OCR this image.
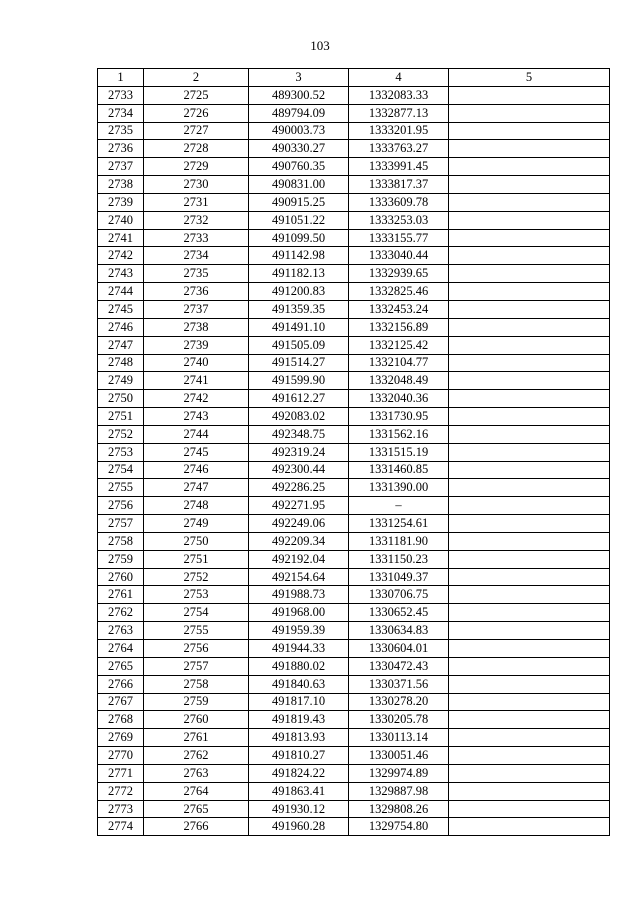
103
1	2	3	4	5
2733	2725	489300.52	1332083.33	
2734	2726	489794.09	1332877.13	
2735	2727	490003.73	1333201.95	
2736	2728	490330.27	1333763.27	
2737	2729	490760.35	1333991.45	
2738	2730	490831.00	1333817.37	
2739	2731	490915.25	1333609.78	
2740	2732	491051.22	1333253.03	
2741	2733	491099.50	1333155.77	
2742	2734	491142.98	1333040.44	
2743	2735	491182.13	1332939.65	
2744	2736	491200.83	1332825.46	
2745	2737	491359.35	1332453.24	
2746	2738	491491.10	1332156.89	
2747	2739	491505.09	1332125.42	
2748	2740	491514.27	1332104.77	
2749	2741	491599.90	1332048.49	
2750	2742	491612.27	1332040.36	
2751	2743	492083.02	1331730.95	
2752	2744	492348.75	1331562.16	
2753	2745	492319.24	1331515.19	
2754	2746	492300.44	1331460.85	
2755	2747	492286.25	1331390.00	
2756	2748	492271.95	–	
2757	2749	492249.06	1331254.61	
2758	2750	492209.34	1331181.90	
2759	2751	492192.04	1331150.23	
2760	2752	492154.64	1331049.37	
2761	2753	491988.73	1330706.75	
2762	2754	491968.00	1330652.45	
2763	2755	491959.39	1330634.83	
2764	2756	491944.33	1330604.01	
2765	2757	491880.02	1330472.43	
2766	2758	491840.63	1330371.56	
2767	2759	491817.10	1330278.20	
2768	2760	491819.43	1330205.78	
2769	2761	491813.93	1330113.14	
2770	2762	491810.27	1330051.46	
2771	2763	491824.22	1329974.89	
2772	2764	491863.41	1329887.98	
2773	2765	491930.12	1329808.26	
2774	2766	491960.28	1329754.80	
